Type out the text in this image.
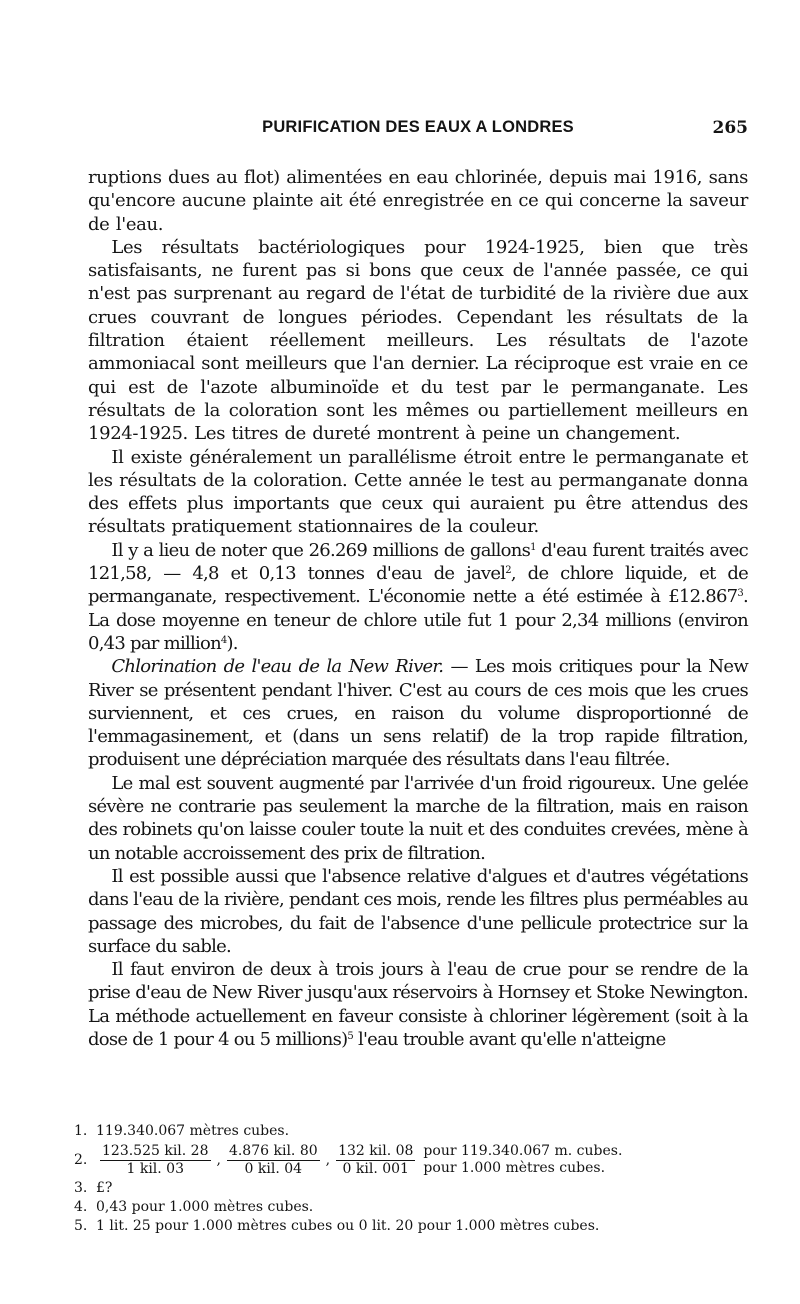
PURIFICATION DES EAUX A LONDRES	265

ruptions dues au flot) alimentées en eau chlorinée, depuis mai 1916, sans qu'encore aucune plainte ait été enregistrée en ce qui concerne la saveur de l'eau.

Les résultats bactériologiques pour 1924-1925, bien que très satisfaisants, ne furent pas si bons que ceux de l'année passée, ce qui n'est pas surprenant au regard de l'état de turbidité de la rivière due aux crues couvrant de longues périodes. Cependant les résultats de la filtration étaient réellement meilleurs. Les résultats de l'azote ammoniacal sont meilleurs que l'an dernier. La réciproque est vraie en ce qui est de l'azote albuminoïde et du test par le permanganate. Les résultats de la coloration sont les mêmes ou partiellement meilleurs en 1924-1925. Les titres de dureté montrent à peine un changement.

Il existe généralement un parallélisme étroit entre le permanganate et les résultats de la coloration. Cette année le test au permanganate donna des effets plus importants que ceux qui auraient pu être attendus des résultats pratiquement stationnaires de la couleur.

Il y a lieu de noter que 26.269 millions de gallons$^1$ d'eau furent traités avec 121,58, — 4,8 et 0,13 tonnes d'eau de javel$^2$, de chlore liquide, et de permanganate, respectivement. L'économie nette a été estimée à £12.867$^3$. La dose moyenne en teneur de chlore utile fut 1 pour 2,34 millions (environ 0,43 par million$^4$).

Chlorination de l'eau de la New River. — Les mois critiques pour la New River se présentent pendant l'hiver. C'est au cours de ces mois que les crues surviennent, et ces crues, en raison du volume disproportionné de l'emmagasinement, et (dans un sens relatif) de la trop rapide filtration, produisent une dépréciation marquée des résultats dans l'eau filtrée.

Le mal est souvent augmenté par l'arrivée d'un froid rigoureux. Une gelée sévère ne contrarie pas seulement la marche de la filtration, mais en raison des robinets qu'on laisse couler toute la nuit et des conduites crevées, mène à un notable accroissement des prix de filtration.

Il est possible aussi que l'absence relative d'algues et d'autres végétations dans l'eau de la rivière, pendant ces mois, rende les filtres plus perméables au passage des microbes, du fait de l'absence d'une pellicule protectrice sur la surface du sable.

Il faut environ de deux à trois jours à l'eau de crue pour se rendre de la prise d'eau de New River jusqu'aux réservoirs à Hornsey et Stoke Newington. La méthode actuellement en faveur consiste à chloriner légèrement (soit à la dose de 1 pour 4 ou 5 millions)$^5$ l'eau trouble avant qu'elle n'atteigne

1. 119.340.067 mètres cubes.
2. $\frac{\text{123.525 kil. 28}}{\text{1 kil. 03}}$ , $\frac{\text{4.876 kil. 80}}{\text{0 kil. 04}}$ , $\frac{\text{132 kil. 08}}{\text{0 kil. 001}}$ pour 119.340.067 m. cubes.
pour 1.000 mètres cubes.
3. £?
4. 0,43 pour 1.000 mètres cubes.
5. 1 lit. 25 pour 1.000 mètres cubes ou 0 lit. 20 pour 1.000 mètres cubes.
